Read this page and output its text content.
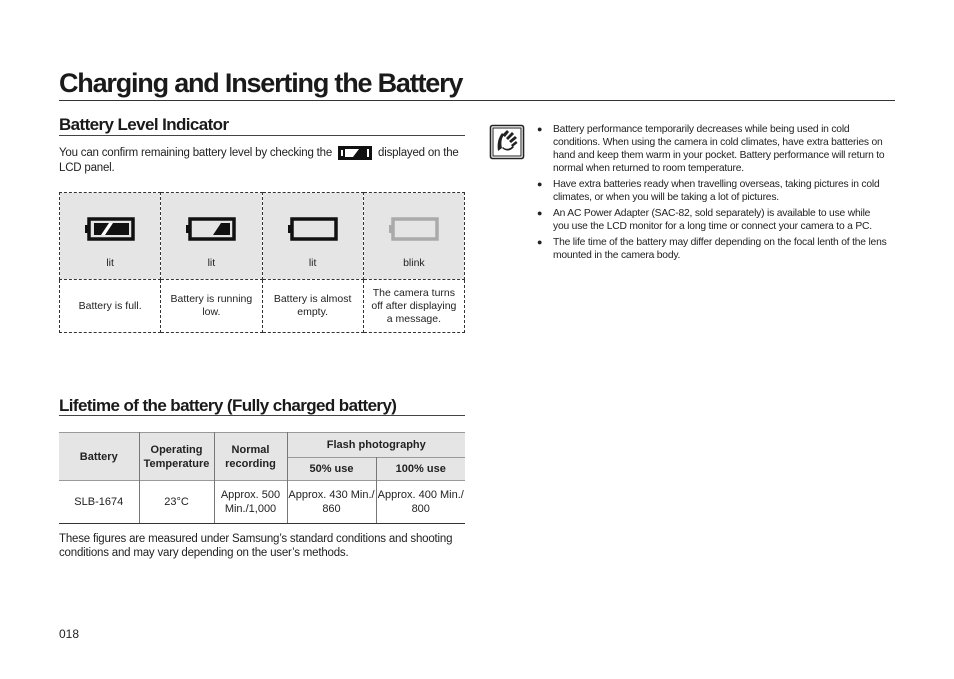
Charging and Inserting the Battery
Battery Level Indicator
You can confirm remaining battery level by checking the	displayed on the LCD panel.
lit	lit	lit	blink

Battery is full.	Battery is running low.	Battery is almost empty.	The camera turns off after displaying a message.
Lifetime of the battery (Fully charged battery)
Battery	Operating Temperature	Normal recording	Flash photography	
			50% use	100% use
SLB-1674	23°C	Approx. 500 Min./1,000	Approx. 430 Min./ 860	Approx. 400 Min./ 800
These figures are measured under Samsung’s standard conditions and shooting conditions and may vary depending on the user’s methods.
● Battery performance temporarily decreases while being used in cold conditions. When using the camera in cold climates, have extra batteries on hand and keep them warm in your pocket. Battery performance will return to normal when returned to room temperature.
● Have extra batteries ready when travelling overseas, taking pictures in cold climates, or when you will be taking a lot of pictures.
● An AC Power Adapter (SAC-82, sold separately) is available to use while you use the LCD monitor for a long time or connect your camera to a PC.
● The life time of the battery may differ depending on the focal lenth of the lens mounted in the camera body.
018
